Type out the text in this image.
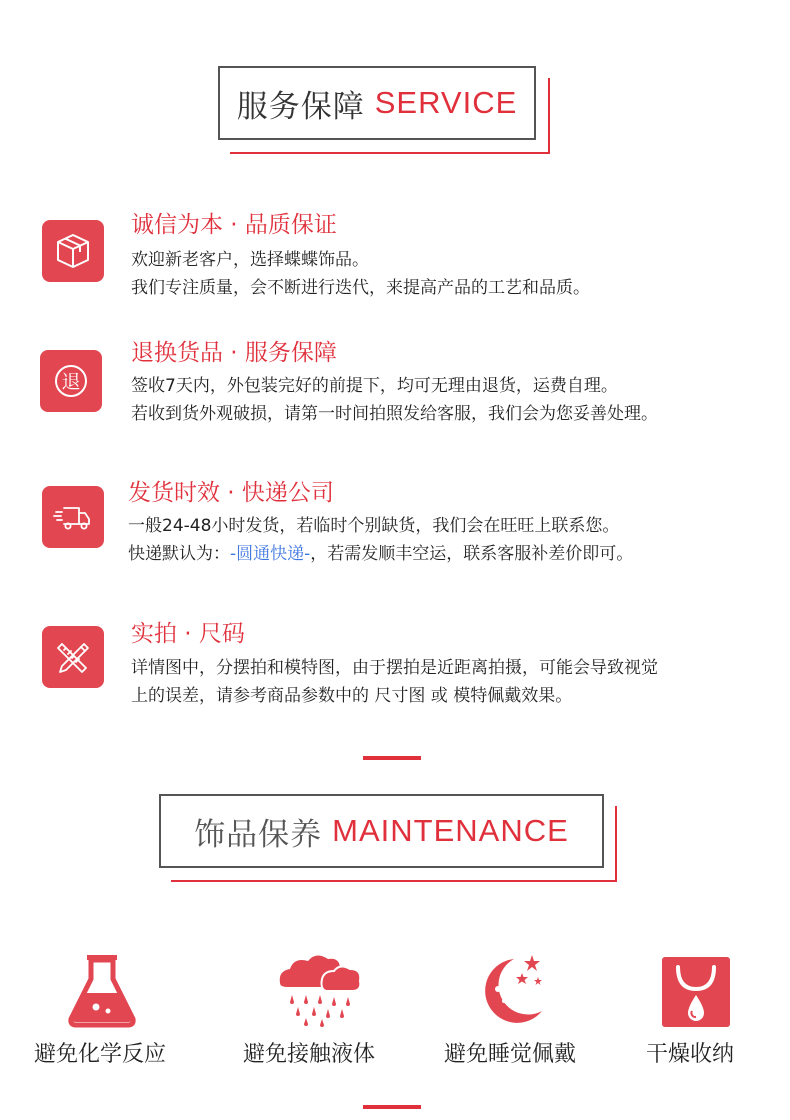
服务保障 SERVICE
诚信为本 · 品质保证
欢迎新老客户，选择蝶蝶饰品。
我们专注质量，会不断进行迭代，来提高产品的工艺和品质。
退
退换货品 · 服务保障
签收7天内，外包装完好的前提下，均可无理由退货，运费自理。
若收到货外观破损，请第一时间拍照发给客服，我们会为您妥善处理。
发货时效 · 快递公司
一般24-48小时发货，若临时个别缺货，我们会在旺旺上联系您。
快递默认为：-圆通快递-，若需发顺丰空运，联系客服补差价即可。
实拍 · 尺码
详情图中，分摆拍和模特图，由于摆拍是近距离拍摄，可能会导致视觉
上的误差，请参考商品参数中的 尺寸图 或 模特佩戴效果。
饰品保养 MAINTENANCE
避免化学反应	避免接触液体	避免睡觉佩戴	干燥收纳
